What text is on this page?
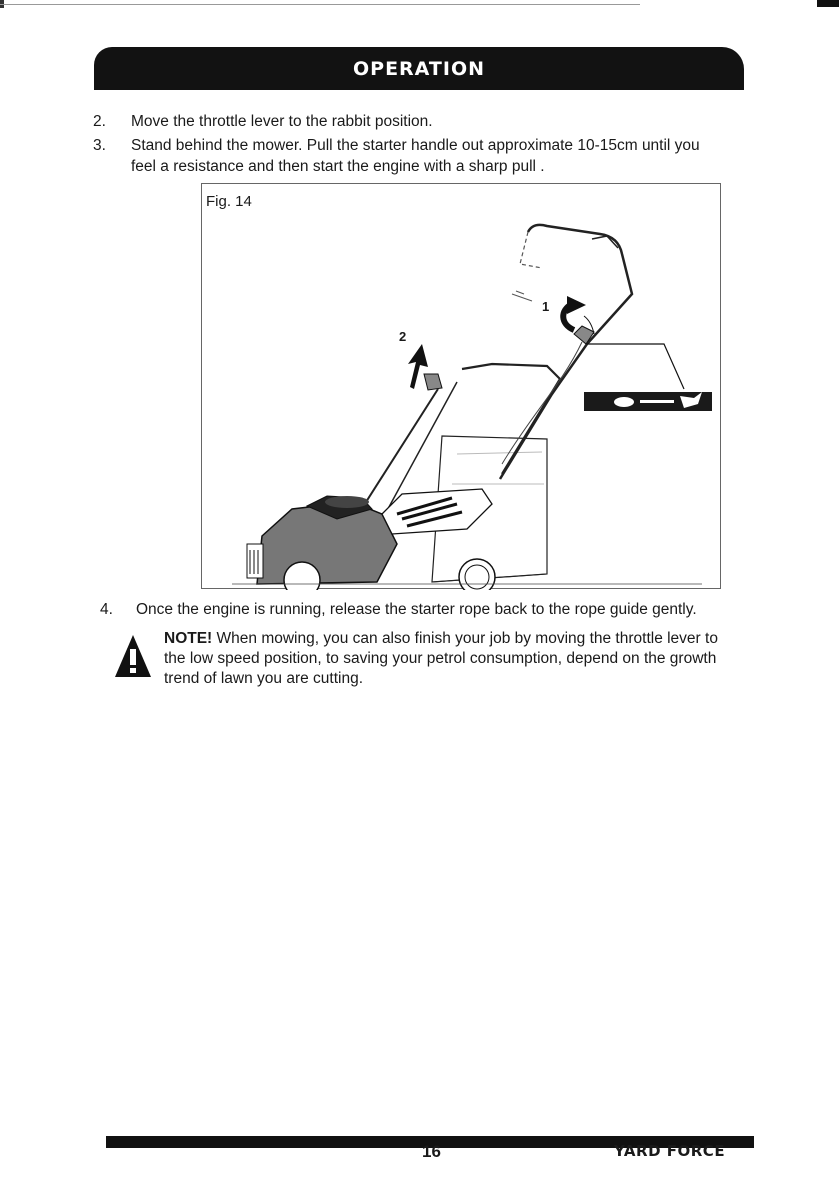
OPERATION
2. Move the throttle lever to the rabbit position.
3. Stand behind the mower. Pull the starter handle out approximate 10-15cm until you
feel a resistance and then start the engine with a sharp pull .
Fig. 14
2
1
4. Once the engine is running, release the starter rope back to the rope guide gently.
NOTE! When mowing, you can also finish your job by moving the throttle lever to
the low speed position, to saving your petrol consumption, depend on the growth
trend of lawn you are cutting.
16	YARD FORCE
